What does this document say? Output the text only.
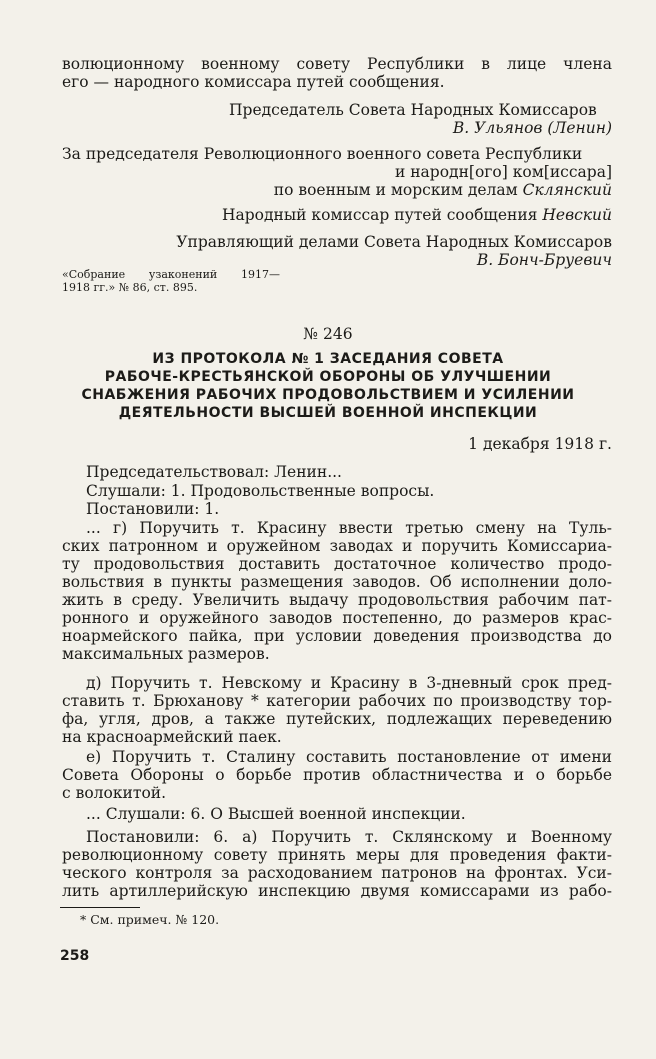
волюционному военному совету Республики в лице члена
его — народного комиссара путей сообщения.
Председатель Совета Народных Комиссаров
В. Ульянов (Ленин)
За председателя Революционного военного совета Республики
и народн[ого] ком[иссара]
по военным и морским делам Склянский
Народный комиссар путей сообщения Невский
Управляющий делами Совета Народных Комиссаров
В. Бонч-Бруевич
«Собрание узаконений 1917—
1918 гг.» № 86, ст. 895.
№ 246
ИЗ ПРОТОКОЛА № 1 ЗАСЕДАНИЯ СОВЕТА
РАБОЧЕ-КРЕСТЬЯНСКОЙ ОБОРОНЫ ОБ УЛУЧШЕНИИ
СНАБЖЕНИЯ РАБОЧИХ ПРОДОВОЛЬСТВИЕМ И УСИЛЕНИИ
ДЕЯТЕЛЬНОСТИ ВЫСШЕЙ ВОЕННОЙ ИНСПЕКЦИИ
1 декабря 1918 г.
Председательствовал: Ленин...
Слушали: 1. Продовольственные вопросы.
Постановили: 1.
... г) Поручить т. Красину ввести третью смену на Туль-
ских патронном и оружейном заводах и поручить Комиссариа-
ту продовольствия доставить достаточное количество продо-
вольствия в пункты размещения заводов. Об исполнении доло-
жить в среду. Увеличить выдачу продовольствия рабочим пат-
ронного и оружейного заводов постепенно, до размеров крас-
ноармейского пайка, при условии доведения производства до
максимальных размеров.
д) Поручить т. Невскому и Красину в 3-дневный срок пред-
ставить т. Брюханову * категории рабочих по производству тор-
фа, угля, дров, а также путейских, подлежащих переведению
на красноармейский паек.
е) Поручить т. Сталину составить постановление от имени
Совета Обороны о борьбе против областничества и о борьбе
с волокитой.
... Слушали: 6. О Высшей военной инспекции.
Постановили: 6. а) Поручить т. Склянскому и Военному
революционному совету принять меры для проведения факти-
ческого контроля за расходованием патронов на фронтах. Уси-
лить артиллерийскую инспекцию двумя комиссарами из рабо-
* См. примеч. № 120.
258
